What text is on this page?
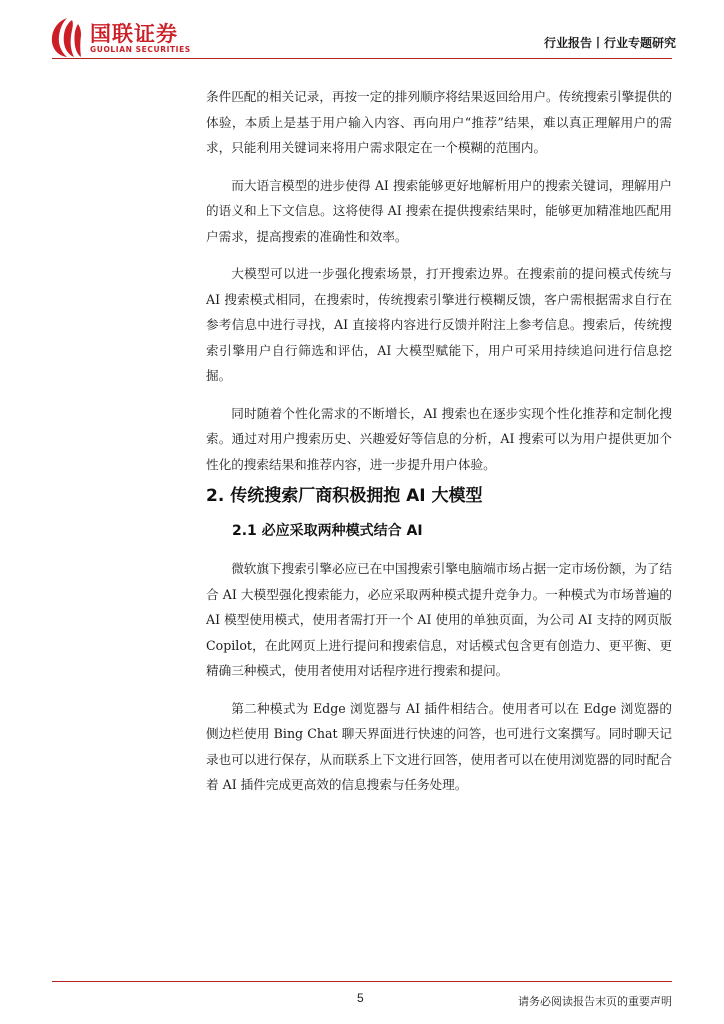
国联证券
GUOLIAN SECURITIES	行业报告丨行业专题研究

条件匹配的相关记录，再按一定的排列顺序将结果返回给用户。传统搜索引擎提供的体验，本质上是基于用户输入内容、再向用户“推荐”结果，难以真正理解用户的需求，只能利用关键词来将用户需求限定在一个模糊的范围内。

而大语言模型的进步使得 AI 搜索能够更好地解析用户的搜索关键词，理解用户的语义和上下文信息。这将使得 AI 搜索在提供搜索结果时，能够更加精准地匹配用户需求，提高搜索的准确性和效率。

大模型可以进一步强化搜索场景，打开搜索边界。在搜索前的提问模式传统与 AI 搜索模式相同，在搜索时，传统搜索引擎进行模糊反馈，客户需根据需求自行在参考信息中进行寻找，AI 直接将内容进行反馈并附注上参考信息。搜索后，传统搜索引擎用户自行筛选和评估，AI 大模型赋能下，用户可采用持续追问进行信息挖掘。

同时随着个性化需求的不断增长，AI 搜索也在逐步实现个性化推荐和定制化搜索。通过对用户搜索历史、兴趣爱好等信息的分析，AI 搜索可以为用户提供更加个性化的搜索结果和推荐内容，进一步提升用户体验。

2. 传统搜索厂商积极拥抱 AI 大模型
2.1 必应采取两种模式结合 AI

微软旗下搜索引擎必应已在中国搜索引擎电脑端市场占据一定市场份额，为了结合 AI 大模型强化搜索能力，必应采取两种模式提升竞争力。一种模式为市场普遍的 AI 模型使用模式，使用者需打开一个 AI 使用的单独页面，为公司 AI 支持的网页版 Copilot，在此网页上进行提问和搜索信息，对话模式包含更有创造力、更平衡、更精确三种模式，使用者使用对话程序进行搜索和提问。

第二种模式为 Edge 浏览器与 AI 插件相结合。使用者可以在 Edge 浏览器的侧边栏使用 Bing Chat 聊天界面进行快速的问答，也可进行文案撰写。同时聊天记录也可以进行保存，从而联系上下文进行回答，使用者可以在使用浏览器的同时配合着 AI 插件完成更高效的信息搜索与任务处理。

5	请务必阅读报告末页的重要声明
